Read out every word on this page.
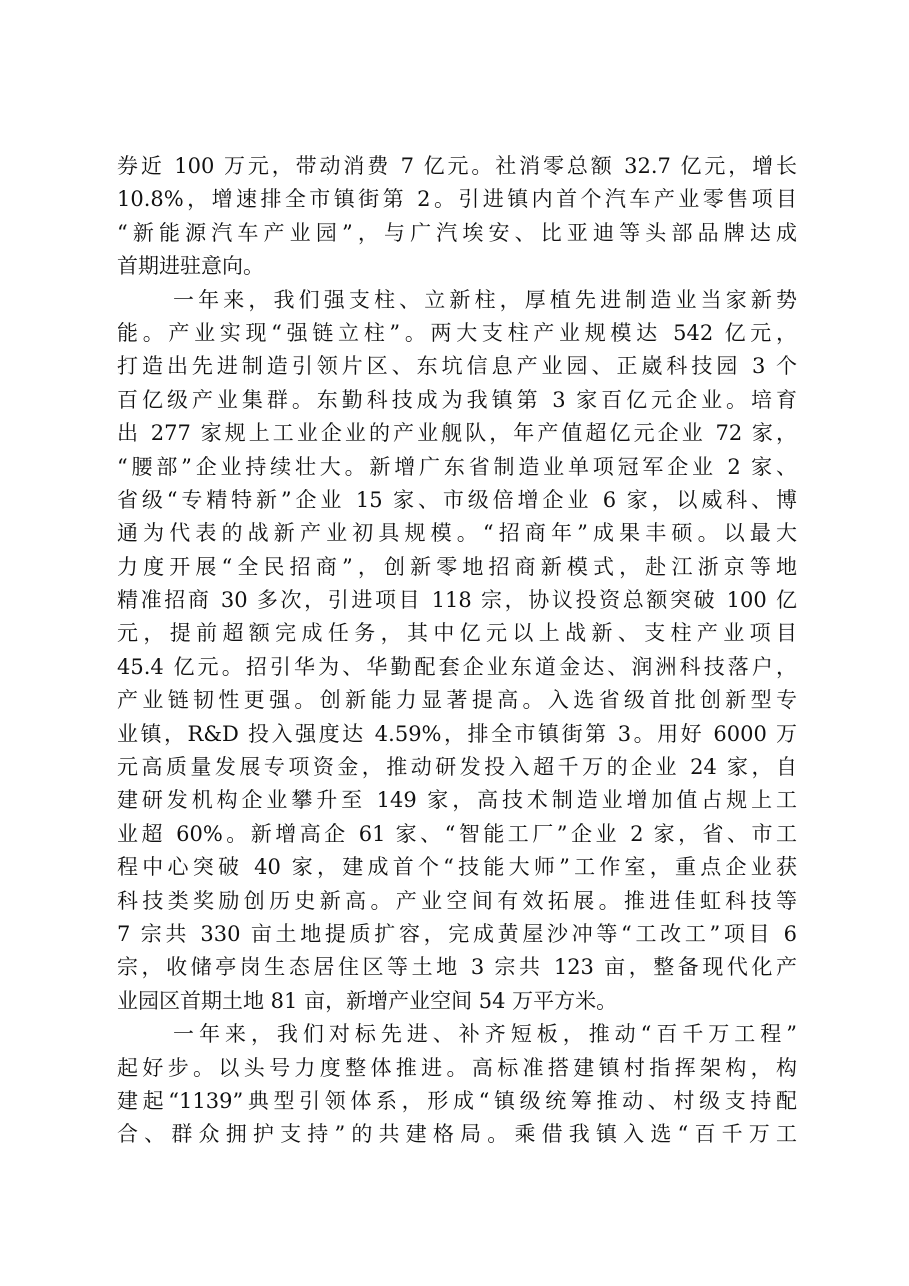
券近 100 万元，带动消费 7 亿元。社消零总额 32.7 亿元，增长
10.8%，增速排全市镇街第 2。引进镇内首个汽车产业零售项目
“新能源汽车产业园”，与广汽埃安、比亚迪等头部品牌达成
首期进驻意向。
一年来，我们强支柱、立新柱，厚植先进制造业当家新势
能。产业实现“强链立柱”。两大支柱产业规模达 542 亿元，
打造出先进制造引领片区、东坑信息产业园、正崴科技园 3 个
百亿级产业集群。东勤科技成为我镇第 3 家百亿元企业。培育
出 277 家规上工业企业的产业舰队，年产值超亿元企业 72 家，
“腰部”企业持续壮大。新增广东省制造业单项冠军企业 2 家、
省级“专精特新”企业 15 家、市级倍增企业 6 家，以威科、博
通为代表的战新产业初具规模。“招商年”成果丰硕。以最大
力度开展“全民招商”，创新零地招商新模式，赴江浙京等地
精准招商 30 多次，引进项目 118 宗，协议投资总额突破 100 亿
元，提前超额完成任务，其中亿元以上战新、支柱产业项目
45.4 亿元。招引华为、华勤配套企业东道金达、润洲科技落户，
产业链韧性更强。创新能力显著提高。入选省级首批创新型专
业镇，R&D 投入强度达 4.59%，排全市镇街第 3。用好 6000 万
元高质量发展专项资金，推动研发投入超千万的企业 24 家，自
建研发机构企业攀升至 149 家，高技术制造业增加值占规上工
业超 60%。新增高企 61 家、“智能工厂”企业 2 家，省、市工
程中心突破 40 家，建成首个“技能大师”工作室，重点企业获
科技类奖励创历史新高。产业空间有效拓展。推进佳虹科技等
7 宗共 330 亩土地提质扩容，完成黄屋沙冲等“工改工”项目 6
宗，收储亭岗生态居住区等土地 3 宗共 123 亩，整备现代化产
业园区首期土地 81 亩，新增产业空间 54 万平方米。
一年来，我们对标先进、补齐短板，推动“百千万工程”
起好步。以头号力度整体推进。高标准搭建镇村指挥架构，构
建起“1139”典型引领体系，形成“镇级统筹推动、村级支持配
合、群众拥护支持”的共建格局。乘借我镇入选“百千万工
